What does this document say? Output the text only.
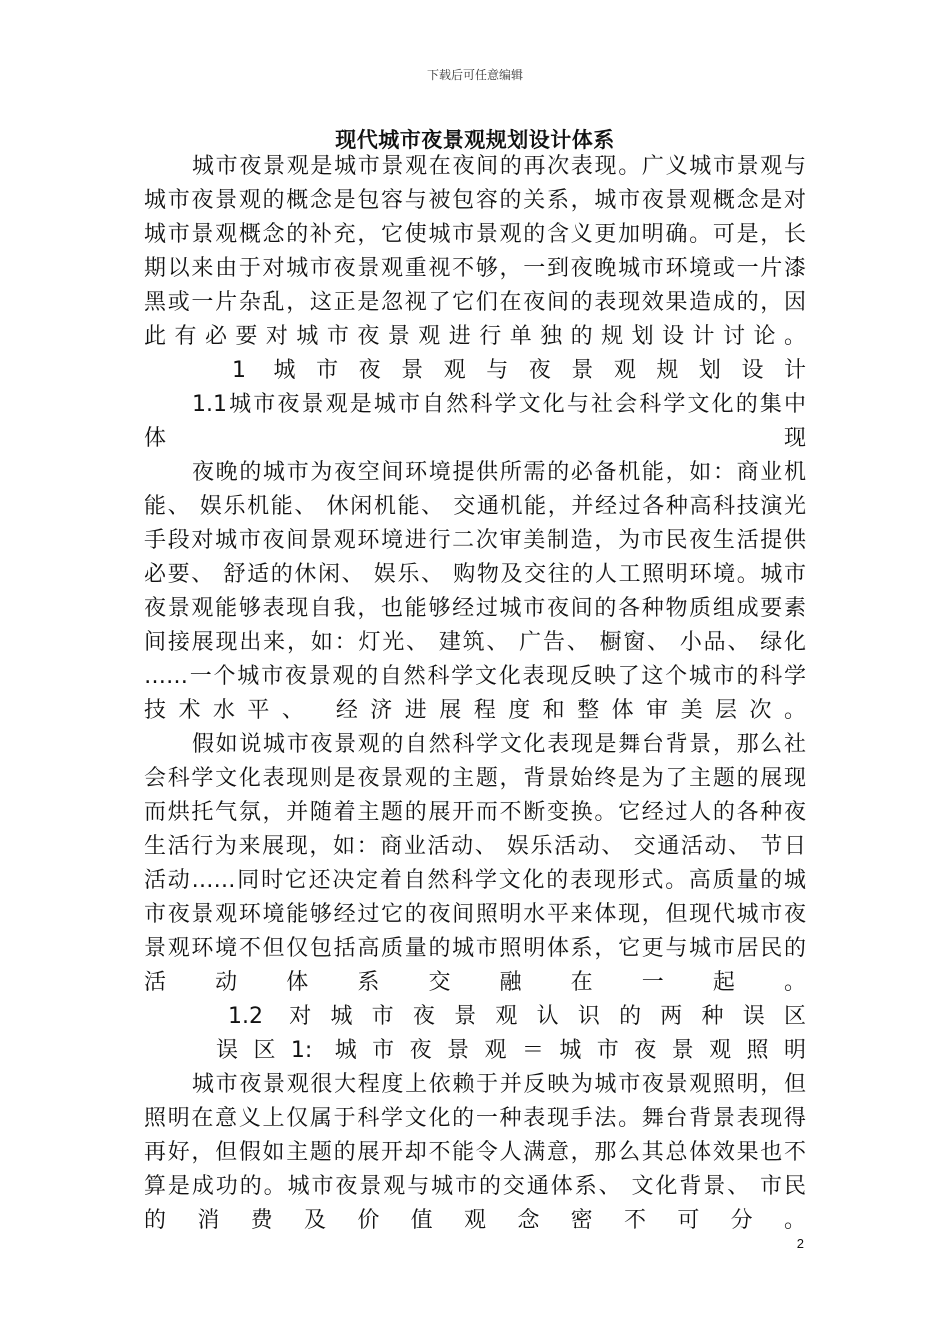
下载后可任意编辑
现代城市夜景观规划设计体系
城市夜景观是城市景观在夜间的再次表现。广义城市景观与
城市夜景观的概念是包容与被包容的关系，城市夜景观概念是对
城市景观概念的补充，它使城市景观的含义更加明确。可是，长
期以来由于对城市夜景观重视不够，一到夜晚城市环境或一片漆
黑或一片杂乱，这正是忽视了它们在夜间的表现效果造成的，因
此有必要对城市夜景观进行单独的规划设计讨论。
1 城市夜景观与夜景观规划设计
1.1城市夜景观是城市自然科学文化与社会科学文化的集中
体现
夜晚的城市为夜空间环境提供所需的必备机能，如：商业机
能、 娱乐机能、 休闲机能、 交通机能，并经过各种高科技演光
手段对城市夜间景观环境进行二次审美制造，为市民夜生活提供
必要、 舒适的休闲、 娱乐、 购物及交往的人工照明环境。城市
夜景观能够表现自我，也能够经过城市夜间的各种物质组成要素
间接展现出来，如：灯光、 建筑、 广告、 橱窗、 小品、 绿化
……一个城市夜景观的自然科学文化表现反映了这个城市的科学
技术水平、 经济进展程度和整体审美层次。
假如说城市夜景观的自然科学文化表现是舞台背景，那么社
会科学文化表现则是夜景观的主题，背景始终是为了主题的展现
而烘托气氛，并随着主题的展开而不断变换。它经过人的各种夜
生活行为来展现，如：商业活动、 娱乐活动、 交通活动、 节日
活动……同时它还决定着自然科学文化的表现形式。高质量的城
市夜景观环境能够经过它的夜间照明水平来体现，但现代城市夜
景观环境不但仅包括高质量的城市照明体系，它更与城市居民的
活动体系交融在一起。
1.2 对城市夜景观认识的两种误区
误区1: 城市夜景观＝城市夜景观照明
城市夜景观很大程度上依赖于并反映为城市夜景观照明，但
照明在意义上仅属于科学文化的一种表现手法。舞台背景表现得
再好，但假如主题的展开却不能令人满意，那么其总体效果也不
算是成功的。城市夜景观与城市的交通体系、 文化背景、 市民
的消费及价值观念密不可分。
2
